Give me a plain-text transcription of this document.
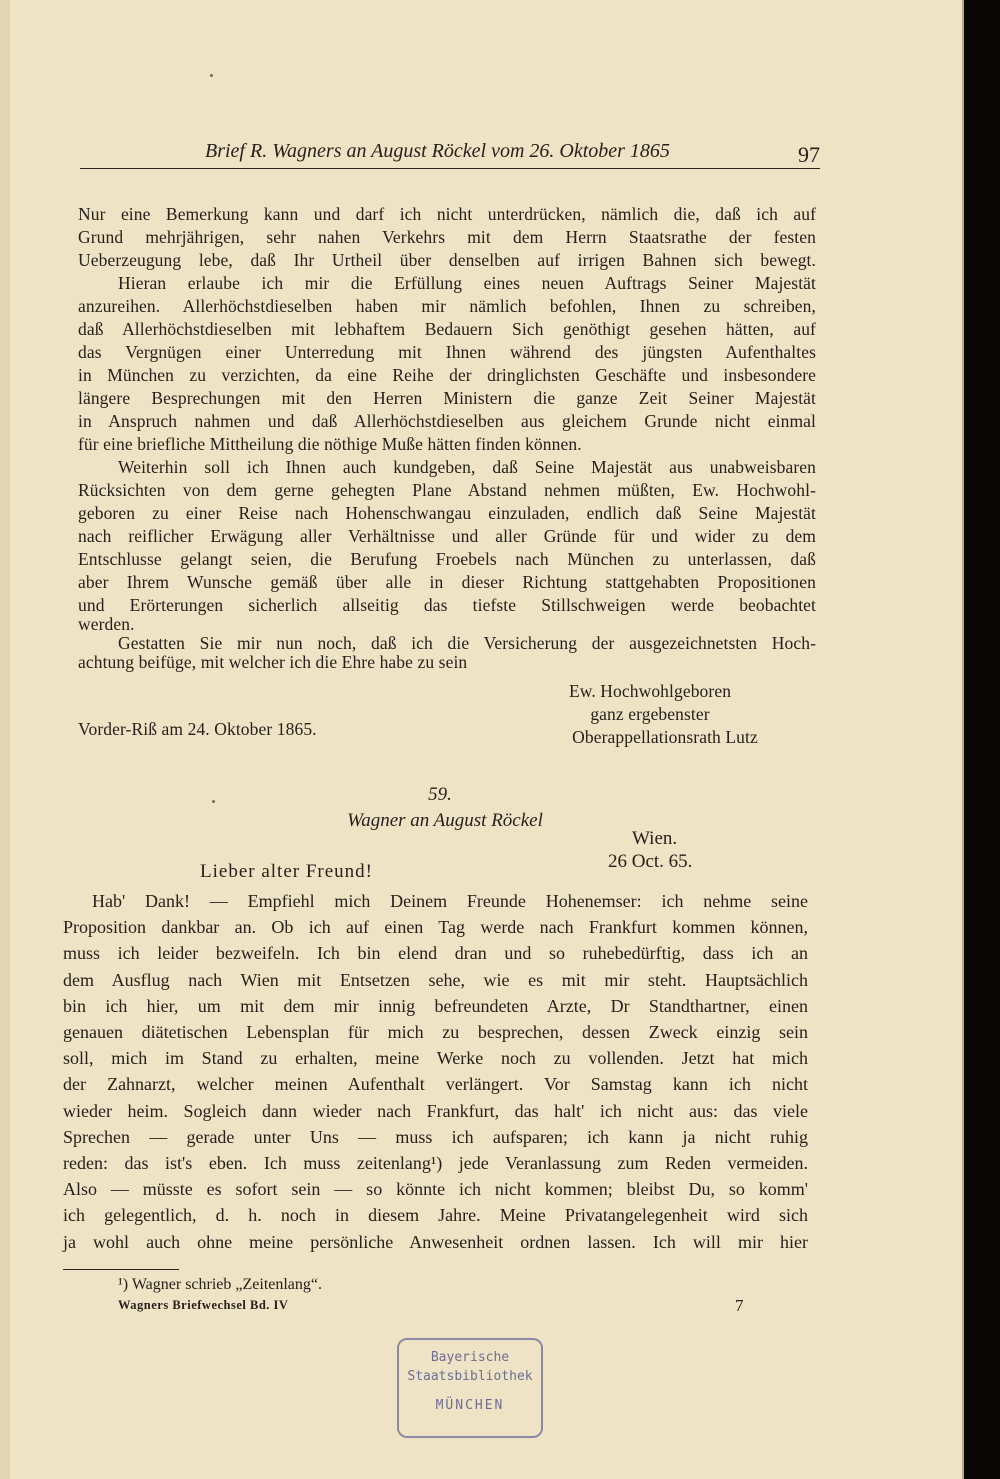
Brief R. Wagners an August Röckel vom 26. Oktober 1865	97
Nur eine Bemerkung kann und darf ich nicht unterdrücken, nämlich die, daß ich auf
Grund mehrjährigen, sehr nahen Verkehrs mit dem Herrn Staatsrathe der festen
Ueberzeugung lebe, daß Ihr Urtheil über denselben auf irrigen Bahnen sich bewegt.
Hieran erlaube ich mir die Erfüllung eines neuen Auftrags Seiner Majestät
anzureihen. Allerhöchstdieselben haben mir nämlich befohlen, Ihnen zu schreiben,
daß Allerhöchstdieselben mit lebhaftem Bedauern Sich genöthigt gesehen hätten, auf
das Vergnügen einer Unterredung mit Ihnen während des jüngsten Aufenthaltes
in München zu verzichten, da eine Reihe der dringlichsten Geschäfte und insbesondere
längere Besprechungen mit den Herren Ministern die ganze Zeit Seiner Majestät
in Anspruch nahmen und daß Allerhöchstdieselben aus gleichem Grunde nicht einmal
für eine briefliche Mittheilung die nöthige Muße hätten finden können.
Weiterhin soll ich Ihnen auch kundgeben, daß Seine Majestät aus unabweisbaren
Rücksichten von dem gerne gehegten Plane Abstand nehmen müßten, Ew. Hochwohl-
geboren zu einer Reise nach Hohenschwangau einzuladen, endlich daß Seine Majestät
nach reiflicher Erwägung aller Verhältnisse und aller Gründe für und wider zu dem
Entschlusse gelangt seien, die Berufung Froebels nach München zu unterlassen, daß
aber Ihrem Wunsche gemäß über alle in dieser Richtung stattgehabten Propositionen
und Erörterungen sicherlich allseitig das tiefste Stillschweigen werde beobachtet
werden.
Gestatten Sie mir nun noch, daß ich die Versicherung der ausgezeichnetsten Hoch-
achtung beifüge, mit welcher ich die Ehre habe zu sein
Ew. Hochwohlgeboren
ganz ergebenster
Oberappellationsrath Lutz
Vorder-Riß am 24. Oktober 1865.
59.
Wagner an August Röckel
Wien.
26 Oct. 65.
Lieber alter Freund!
Hab' Dank! — Empfiehl mich Deinem Freunde Hohenemser: ich nehme seine
Proposition dankbar an. Ob ich auf einen Tag werde nach Frankfurt kommen können,
muss ich leider bezweifeln. Ich bin elend dran und so ruhebedürftig, dass ich an
dem Ausflug nach Wien mit Entsetzen sehe, wie es mit mir steht. Hauptsächlich
bin ich hier, um mit dem mir innig befreundeten Arzte, Dr Standthartner, einen
genauen diätetischen Lebensplan für mich zu besprechen, dessen Zweck einzig sein
soll, mich im Stand zu erhalten, meine Werke noch zu vollenden. Jetzt hat mich
der Zahnarzt, welcher meinen Aufenthalt verlängert. Vor Samstag kann ich nicht
wieder heim. Sogleich dann wieder nach Frankfurt, das halt' ich nicht aus: das viele
Sprechen — gerade unter Uns — muss ich aufsparen; ich kann ja nicht ruhig
reden: das ist's eben. Ich muss zeitenlang¹) jede Veranlassung zum Reden vermeiden.
Also — müsste es sofort sein — so könnte ich nicht kommen; bleibst Du, so komm'
ich gelegentlich, d. h. noch in diesem Jahre. Meine Privatangelegenheit wird sich
ja wohl auch ohne meine persönliche Anwesenheit ordnen lassen. Ich will mir hier
¹) Wagner schrieb „Zeitenlang“.
Wagners Briefwechsel Bd. IV	7
Bayerische
Staatsbibliothek
MÜNCHEN
